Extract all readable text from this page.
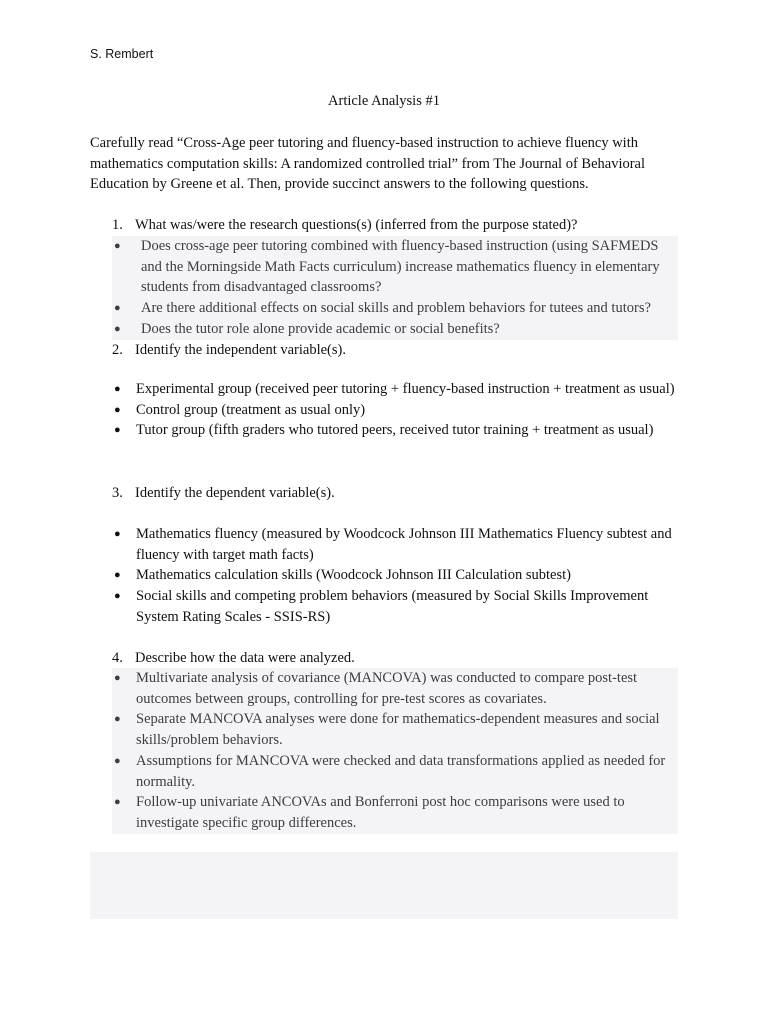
S. Rembert
Article Analysis #1
Carefully read “Cross-Age peer tutoring and fluency-based instruction to achieve fluency with mathematics computation skills: A randomized controlled trial” from The Journal of Behavioral Education by Greene et al. Then, provide succinct answers to the following questions.
1. What was/were the research questions(s) (inferred from the purpose stated)?
● Does cross-age peer tutoring combined with fluency-based instruction (using SAFMEDS and the Morningside Math Facts curriculum) increase mathematics fluency in elementary students from disadvantaged classrooms?
● Are there additional effects on social skills and problem behaviors for tutees and tutors?
● Does the tutor role alone provide academic or social benefits?
2. Identify the independent variable(s).
● Experimental group (received peer tutoring + fluency-based instruction + treatment as usual)
● Control group (treatment as usual only)
● Tutor group (fifth graders who tutored peers, received tutor training + treatment as usual)
3. Identify the dependent variable(s).
● Mathematics fluency (measured by Woodcock Johnson III Mathematics Fluency subtest and fluency with target math facts)
● Mathematics calculation skills (Woodcock Johnson III Calculation subtest)
● Social skills and competing problem behaviors (measured by Social Skills Improvement System Rating Scales - SSIS-RS)
4. Describe how the data were analyzed.
● Multivariate analysis of covariance (MANCOVA) was conducted to compare post-test outcomes between groups, controlling for pre-test scores as covariates.
● Separate MANCOVA analyses were done for mathematics-dependent measures and social skills/problem behaviors.
● Assumptions for MANCOVA were checked and data transformations applied as needed for normality.
● Follow-up univariate ANCOVAs and Bonferroni post hoc comparisons were used to investigate specific group differences.
